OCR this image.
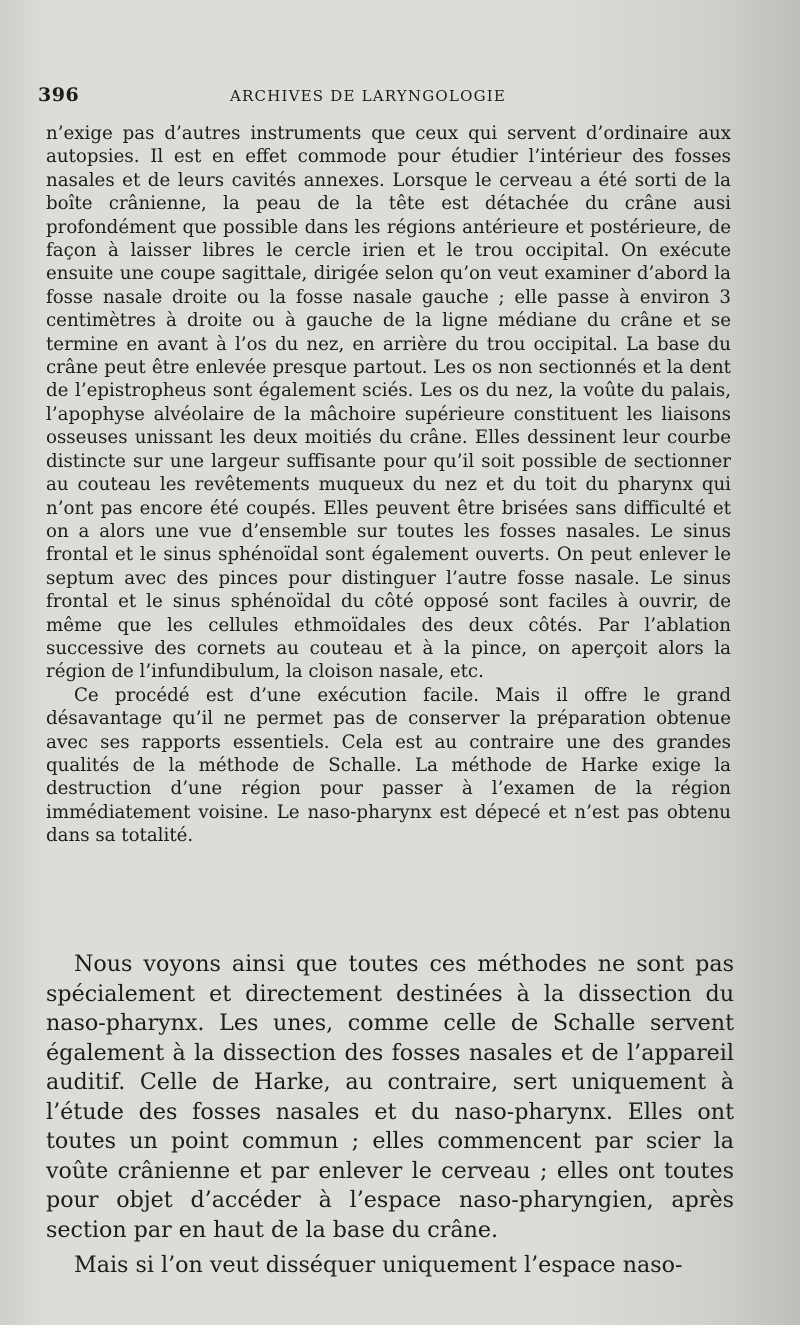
396	ARCHIVES DE LARYNGOLOGIE

n’exige pas d’autres instruments que ceux qui servent d’ordinaire aux autopsies. Il est en effet commode pour étudier l’intérieur des fosses nasales et de leurs cavités annexes. Lorsque le cerveau a été sorti de la boîte crânienne, la peau de la tête est détachée du crâne ausi profondément que possible dans les régions antérieure et postérieure, de façon à laisser libres le cercle irien et le trou occipital. On exécute ensuite une coupe sagittale, dirigée selon qu’on veut examiner d’abord la fosse nasale droite ou la fosse nasale gauche ; elle passe à environ 3 centimètres à droite ou à gauche de la ligne médiane du crâne et se termine en avant à l’os du nez, en arrière du trou occipital. La base du crâne peut être enlevée presque partout. Les os non sectionnés et la dent de l’epistropheus sont également sciés. Les os du nez, la voûte du palais, l’apophyse alvéolaire de la mâchoire supérieure constituent les liaisons osseuses unissant les deux moitiés du crâne. Elles dessinent leur courbe distincte sur une largeur suffisante pour qu’il soit possible de sectionner au couteau les revêtements muqueux du nez et du toit du pharynx qui n’ont pas encore été coupés. Elles peuvent être brisées sans difficulté et on a alors une vue d’ensemble sur toutes les fosses nasales. Le sinus frontal et le sinus sphénoïdal sont également ouverts. On peut enlever le septum avec des pinces pour distinguer l’autre fosse nasale. Le sinus frontal et le sinus sphénoïdal du côté opposé sont faciles à ouvrir, de même que les cellules ethmoïdales des deux côtés. Par l’ablation successive des cornets au couteau et à la pince, on aperçoit alors la région de l’infundibulum, la cloison nasale, etc.

Ce procédé est d’une exécution facile. Mais il offre le grand désavantage qu’il ne permet pas de conserver la préparation obtenue avec ses rapports essentiels. Cela est au contraire une des grandes qualités de la méthode de Schalle. La méthode de Harke exige la destruction d’une région pour passer à l’examen de la région immédiatement voisine. Le naso-pharynx est dépecé et n’est pas obtenu dans sa totalité.

Nous voyons ainsi que toutes ces méthodes ne sont pas spécialement et directement destinées à la dissection du naso-pharynx. Les unes, comme celle de Schalle servent également à la dissection des fosses nasales et de l’appareil auditif. Celle de Harke, au contraire, sert uniquement à l’étude des fosses nasales et du naso-pharynx. Elles ont toutes un point commun ; elles commencent par scier la voûte crânienne et par enlever le cerveau ; elles ont toutes pour objet d’accéder à l’espace naso-pharyngien, après section par en haut de la base du crâne.

Mais si l’on veut disséquer uniquement l’espace naso-
